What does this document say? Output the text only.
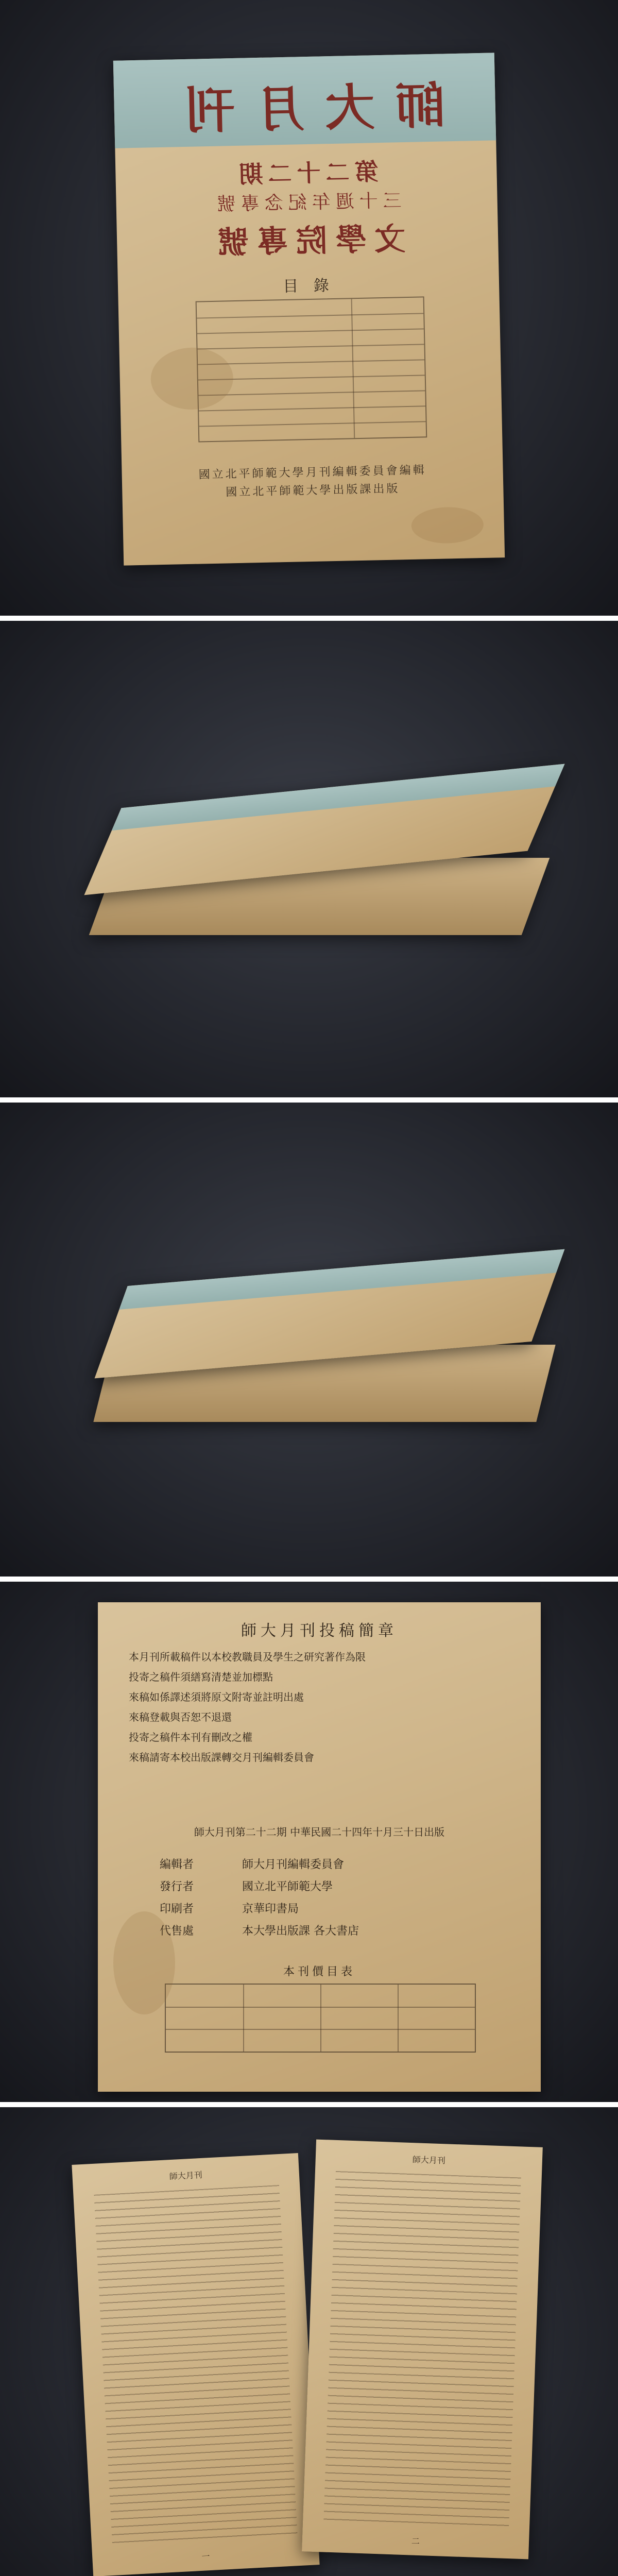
師大月刊
第二十二期
三十週年紀念專號
文學院專號
目 錄
國立北平師範大學月刊編輯委員會編輯
國立北平師範大學出版課出版
師大月刊投稿簡章
本月刊所載稿件以本校教職員及學生之研究著作為限
投寄之稿件須繕寫清楚並加標點
來稿如係譯述須將原文附寄並註明出處
來稿登載與否恕不退還
投寄之稿件本刊有刪改之權
來稿請寄本校出版課轉交月刊編輯委員會
師大月刊第二十二期 中華民國二十四年十月三十日出版
編輯者	師大月刊編輯委員會
發行者	國立北平師範大學
印刷者	京華印書局
代售處	本大學出版課 各大書店
本刊價目表
師大月刊
一
師大月刊
二
